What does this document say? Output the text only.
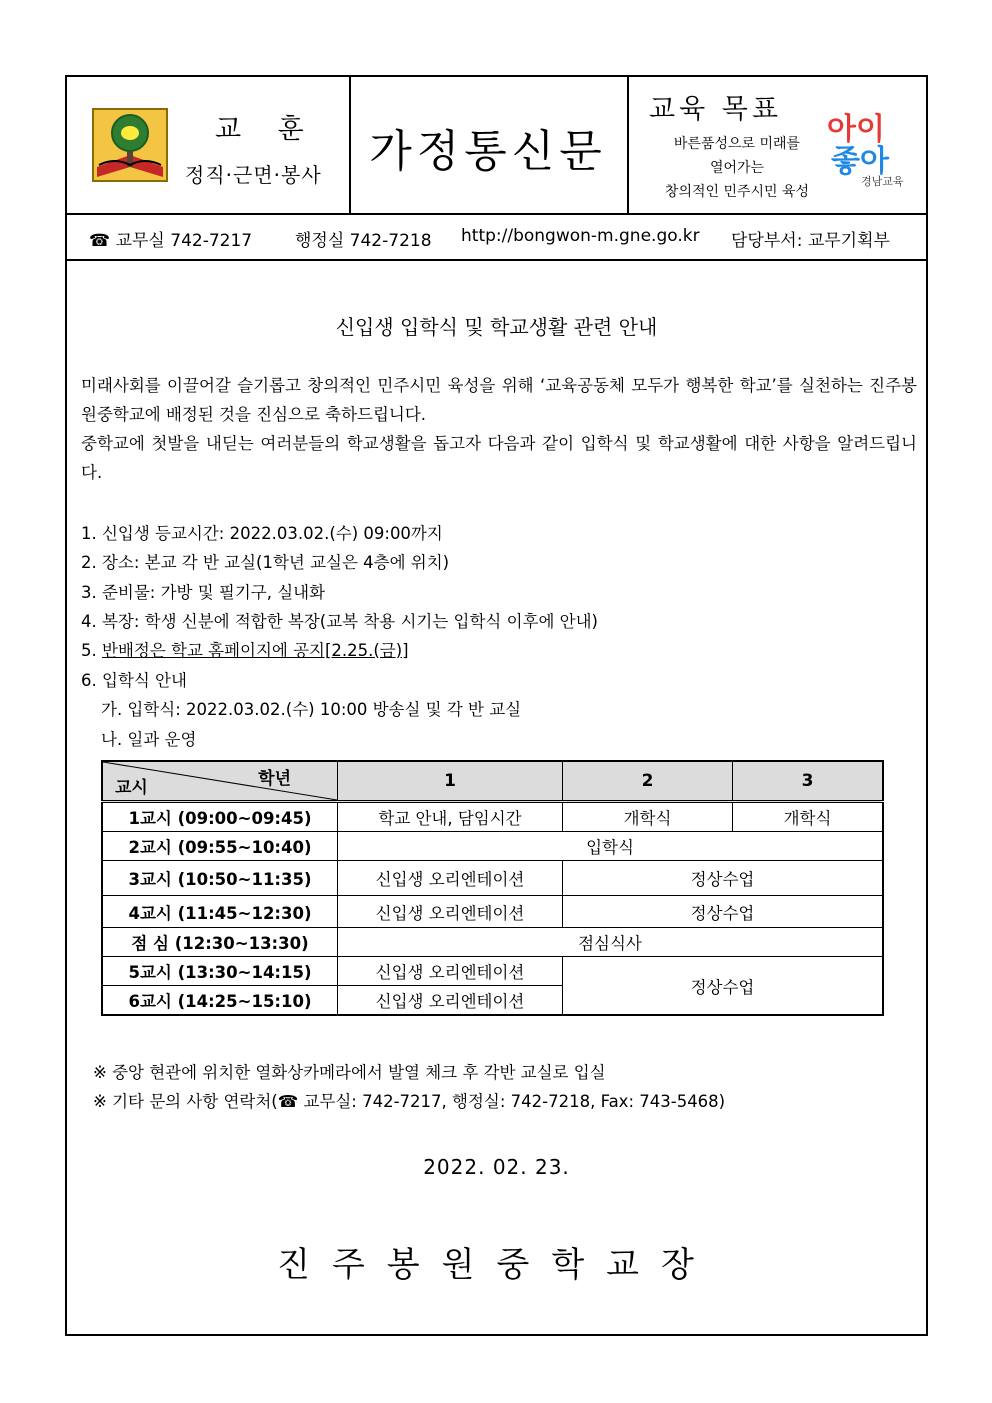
교 훈
정직·근면·봉사	가정통신문
교육 목표
바른품성으로 미래를
열어가는
창의적인 민주시민 육성
아이
좋아
경남교육
☎ 교무실 742-7217	행정실 742-7218 http://bongwon-m.gne.go.kr 담당부서: 교무기획부
신입생 입학식 및 학교생활 관련 안내
미래사회를 이끌어갈 슬기롭고 창의적인 민주시민 육성을 위해 ‘교육공동체 모두가 행복한 학교’를 실천하는 진주봉원중학교에 배정된 것을 진심으로 축하드립니다.
중학교에 첫발을 내딛는 여러분들의 학교생활을 돕고자 다음과 같이 입학식 및 학교생활에 대한 사항을 알려드립니다.
1. 신입생 등교시간: 2022.03.02.(수) 09:00까지
2. 장소: 본교 각 반 교실(1학년 교실은 4층에 위치)
3. 준비물: 가방 및 필기구, 실내화
4. 복장: 학생 신분에 적합한 복장(교복 착용 시기는 입학식 이후에 안내)
5. 반배정은 학교 홈페이지에 공지[2.25.(금)]
6. 입학식 안내
가. 입학식: 2022.03.02.(수) 10:00 방송실 및 각 반 교실
나. 일과 운영
학년
교시	1	2	3
1교시 (09:00~09:45)	학교 안내, 담임시간	개학식	개학식
2교시 (09:55~10:40)	입학식		
3교시 (10:50~11:35)	신입생 오리엔테이션	정상수업	
4교시 (11:45~12:30)	신입생 오리엔테이션	정상수업	
점 심 (12:30~13:30)	점심식사		
5교시 (13:30~14:15)	신입생 오리엔테이션	정상수업	
6교시 (14:25~15:10)	신입생 오리엔테이션		
※ 중앙 현관에 위치한 열화상카메라에서 발열 체크 후 각반 교실로 입실
※ 기타 문의 사항 연락처(☎ 교무실: 742-7217, 행정실: 742-7218, Fax: 743-5468)
2022. 02. 23.
진주봉원중학교장
